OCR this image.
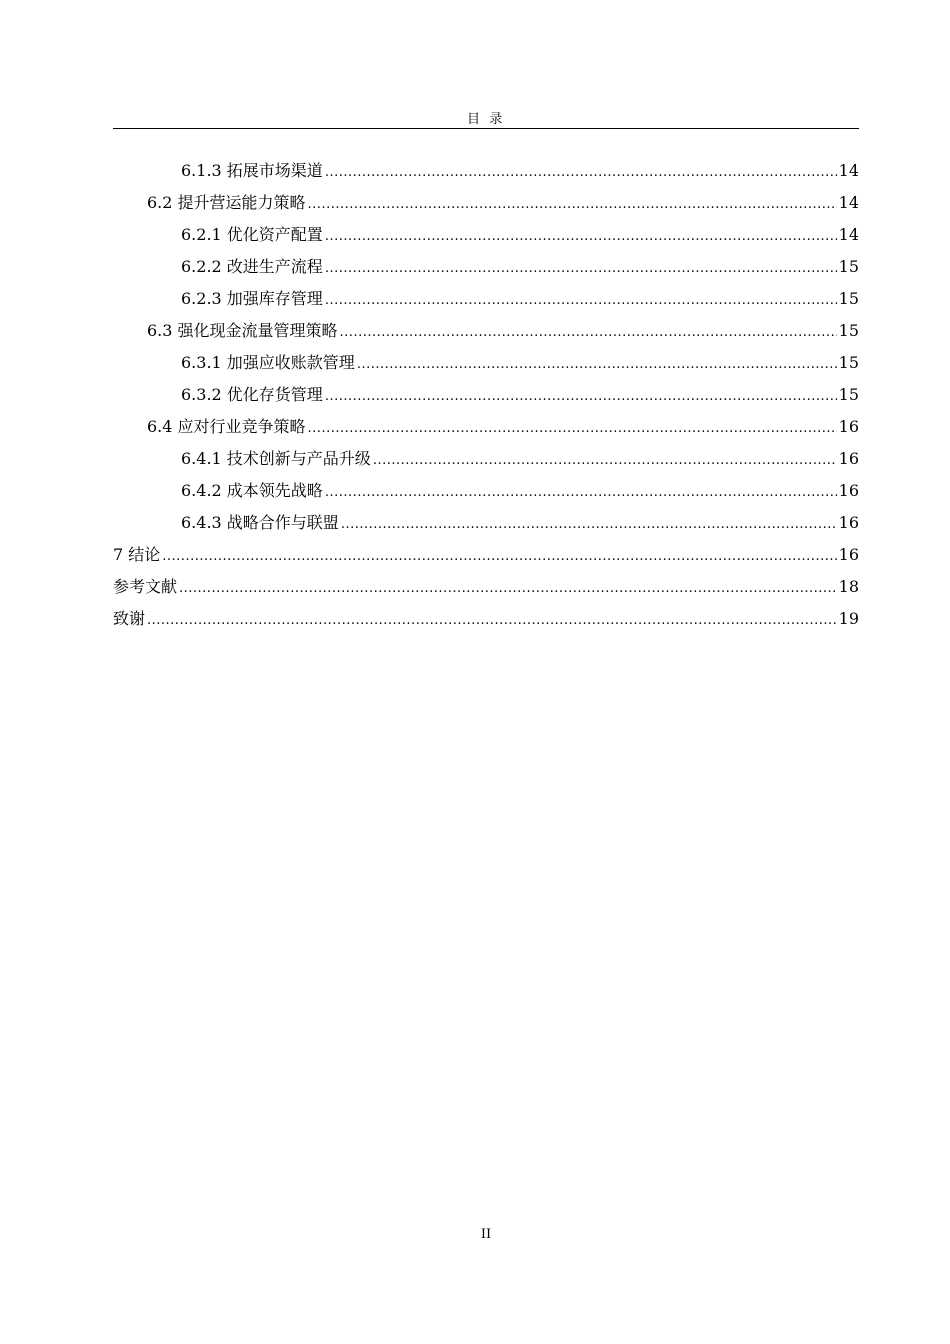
目 录
6.1.3 拓展市场渠道 .....	14
6.2 提升营运能力策略 .....	14
6.2.1 优化资产配置 .....	14
6.2.2 改进生产流程 .....	15
6.2.3 加强库存管理 .....	15
6.3 强化现金流量管理策略 .....	15
6.3.1 加强应收账款管理 .....	15
6.3.2 优化存货管理 .....	15
6.4 应对行业竞争策略 .....	16
6.4.1 技术创新与产品升级 .....	16
6.4.2 成本领先战略 .....	16
6.4.3 战略合作与联盟 .....	16
7 结论 .....	16
参考文献 .....	18
致谢 .....	19
II
